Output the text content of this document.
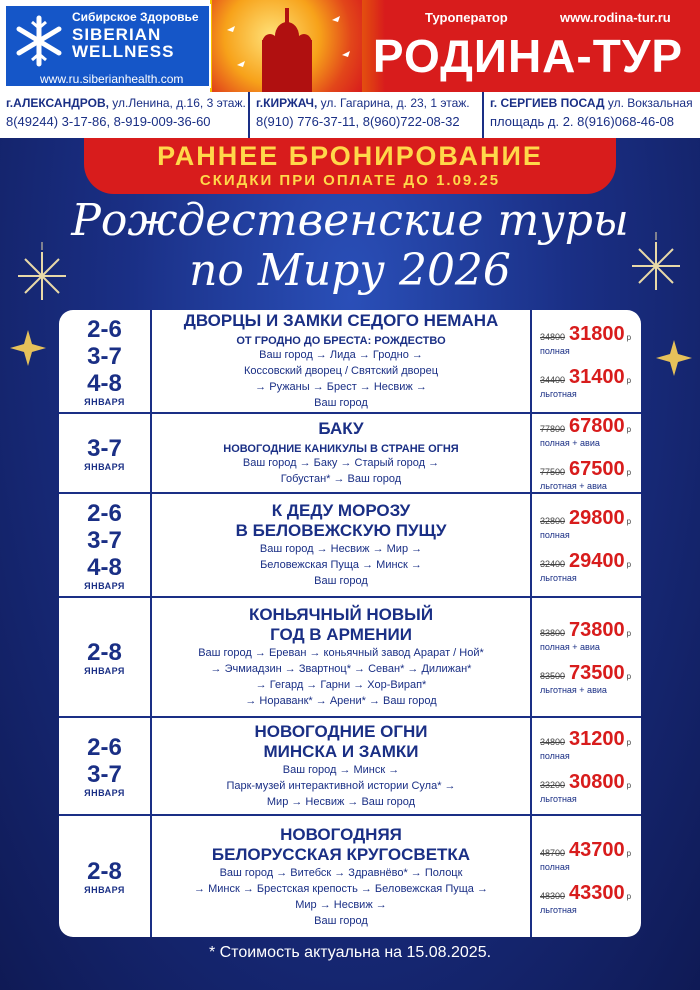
Сибирское Здоровье
SIBERIAN
WELLNESS
www.ru.siberianhealth.com
Туроператор	www.rodina-tur.ru
РОДИНА-ТУР
г.АЛЕКСАНДРОВ, ул.Ленина, д.16, 3 этаж.
8(49244) 3-17-86, 8-919-009-36-60
г.КИРЖАЧ, ул. Гагарина, д. 23, 1 этаж.
8(910) 776-37-11, 8(960)722-08-32
г. СЕРГИЕВ ПОСАД ул. Вокзальная
площадь д. 2. 8(916)068-46-08
РАННЕЕ БРОНИРОВАНИЕ
СКИДКИ ПРИ ОПЛАТЕ ДО 1.09.25
Рождественские туры
по Миру 2026
2-6
3-7
4-8
ЯНВАРЯ
ДВОРЦЫ И ЗАМКИ СЕДОГО НЕМАНА
ОТ ГРОДНО ДО БРЕСТА: РОЖДЕСТВО
Ваш город → Лида → Гродно →
Коссовский дворец / Святский дворец
→ Ружаны → Брест → Несвиж →
Ваш город
34800 31800 р
полная
34400 31400 р
льготная
3-7
ЯНВАРЯ
БАКУ
НОВОГОДНИЕ КАНИКУЛЫ В СТРАНЕ ОГНЯ
Ваш город → Баку → Старый город →
Гобустан* → Ваш город
77800 67800 р
полная + авиа
77500 67500 р
льготная + авиа
2-6
3-7
4-8
ЯНВАРЯ
К ДЕДУ МОРОЗУ
В БЕЛОВЕЖСКУЮ ПУЩУ
Ваш город → Несвиж → Мир →
Беловежская Пуща → Минск →
Ваш город
32800 29800 р
полная
32400 29400 р
льготная
2-8
ЯНВАРЯ
КОНЬЯЧНЫЙ НОВЫЙ
ГОД В АРМЕНИИ
Ваш город → Ереван → коньячный завод Арарат / Ной*
→ Эчмиадзин → Звартноц* → Севан* → Дилижан*
→ Гегард → Гарни → Хор-Вирап*
→ Нораванк* → Арени* → Ваш город
83800 73800 р
полная + авиа
83500 73500 р
льготная + авиа
2-6
3-7
ЯНВАРЯ
НОВОГОДНИЕ ОГНИ
МИНСКА И ЗАМКИ
Ваш город → Минск →
Парк-музей интерактивной истории Сула* →
Мир → Несвиж → Ваш город
34800 31200 р
полная
33200 30800 р
льготная
2-8
ЯНВАРЯ
НОВОГОДНЯЯ
БЕЛОРУССКАЯ КРУГОСВЕТКА
Ваш город → Витебск → Здравнёво* → Полоцк
→ Минск → Брестская крепость → Беловежская Пуща →
Мир → Несвиж →
Ваш город
48700 43700 р
полная
48300 43300 р
льготная
* Стоимость актуальна на 15.08.2025.
